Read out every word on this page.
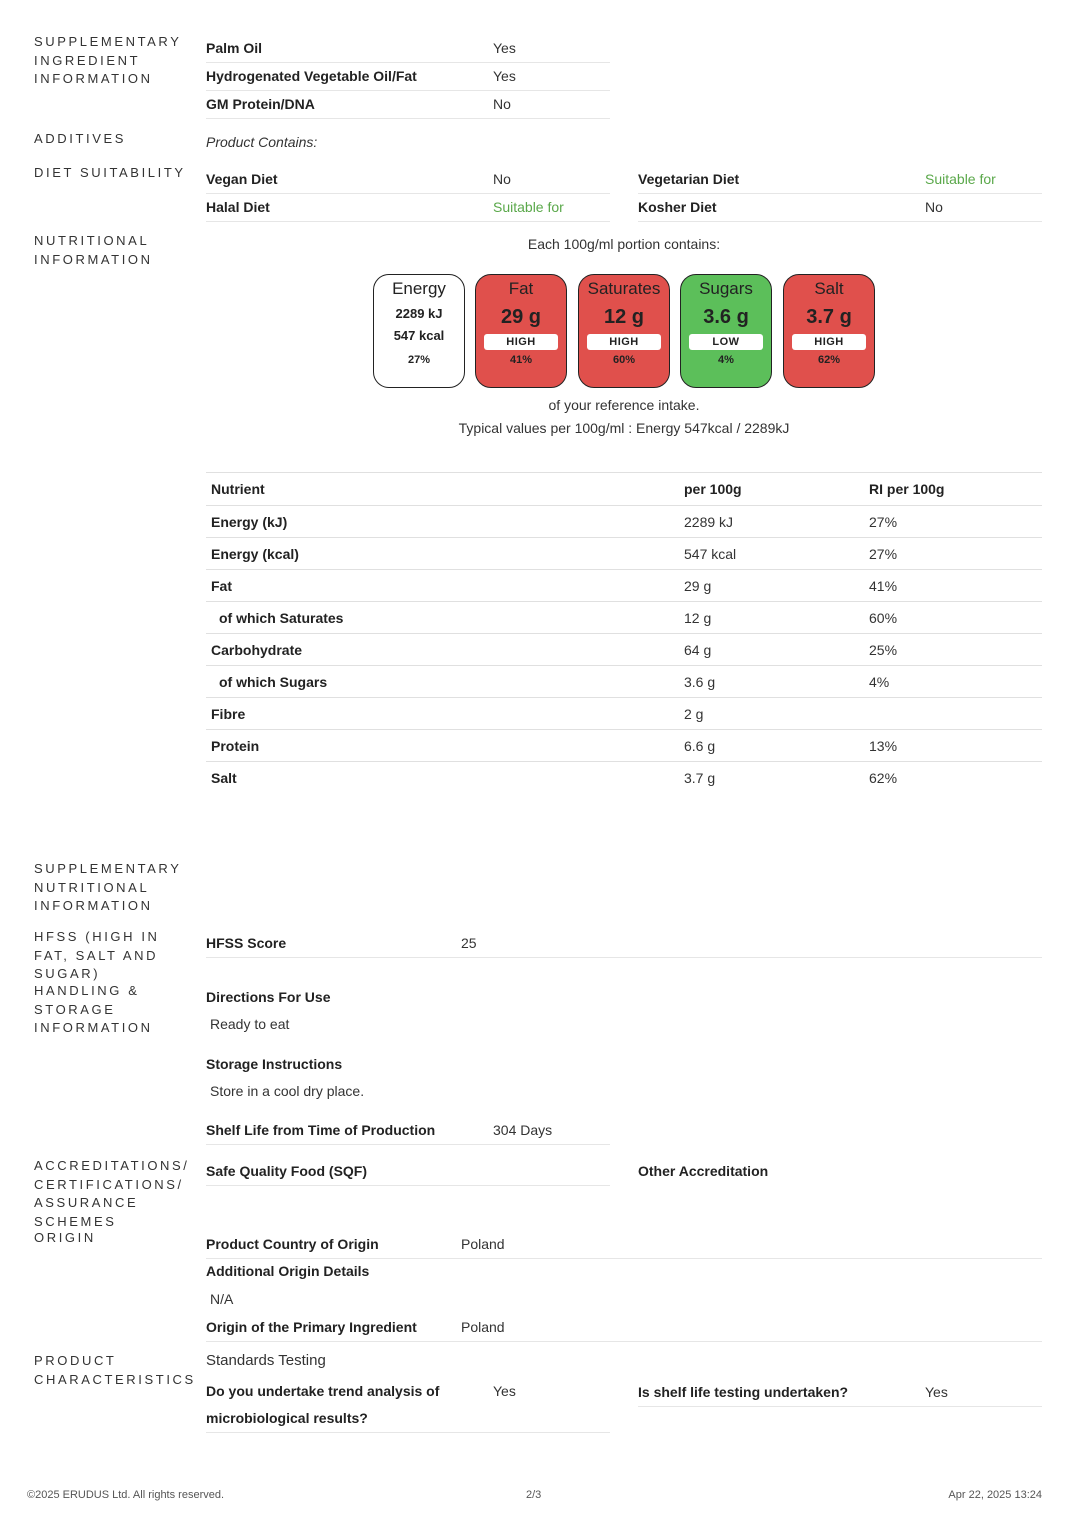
SUPPLEMENTARY INGREDIENT INFORMATION
ADDITIVES
DIET SUITABILITY
NUTRITIONAL INFORMATION
SUPPLEMENTARY NUTRITIONAL INFORMATION
HFSS (HIGH IN FAT, SALT AND SUGAR)
HANDLING & STORAGE INFORMATION
ACCREDITATIONS/ CERTIFICATIONS/ ASSURANCE SCHEMES
ORIGIN
PRODUCT CHARACTERISTICS
Palm Oil	Yes
Hydrogenated Vegetable Oil/Fat	Yes
GM Protein/DNA	No
Product Contains:
Vegan Diet	No	Vegetarian Diet	Suitable for
Halal Diet	Suitable for	Kosher Diet	No
Each 100g/ml portion contains:
Energy
2289 kJ
547 kcal
27%
Fat
29 g
HIGH
41%
Saturates
12 g
HIGH
60%
Sugars
3.6 g
LOW
4%
Salt
3.7 g
HIGH
62%
of your reference intake.
Typical values per 100g/ml : Energy 547kcal / 2289kJ
Nutrient	per 100g	RI per 100g
Energy (kJ)	2289 kJ	27%
Energy (kcal)	547 kcal	27%
Fat	29 g	41%
of which Saturates	12 g	60%
Carbohydrate	64 g	25%
of which Sugars	3.6 g	4%
Fibre	2 g	
Protein	6.6 g	13%
Salt	3.7 g	62%
HFSS Score	25
Directions For Use
Ready to eat
Storage Instructions
Store in a cool dry place.
Shelf Life from Time of Production	304 Days
Safe Quality Food (SQF)	Other Accreditation
Product Country of Origin	Poland
Additional Origin Details
N/A
Origin of the Primary Ingredient	Poland
Standards Testing
Do you undertake trend analysis of
microbiological results?
Yes	Is shelf life testing undertaken?	Yes
©2025 ERUDUS Ltd. All rights reserved.	2/3	Apr 22, 2025 13:24
